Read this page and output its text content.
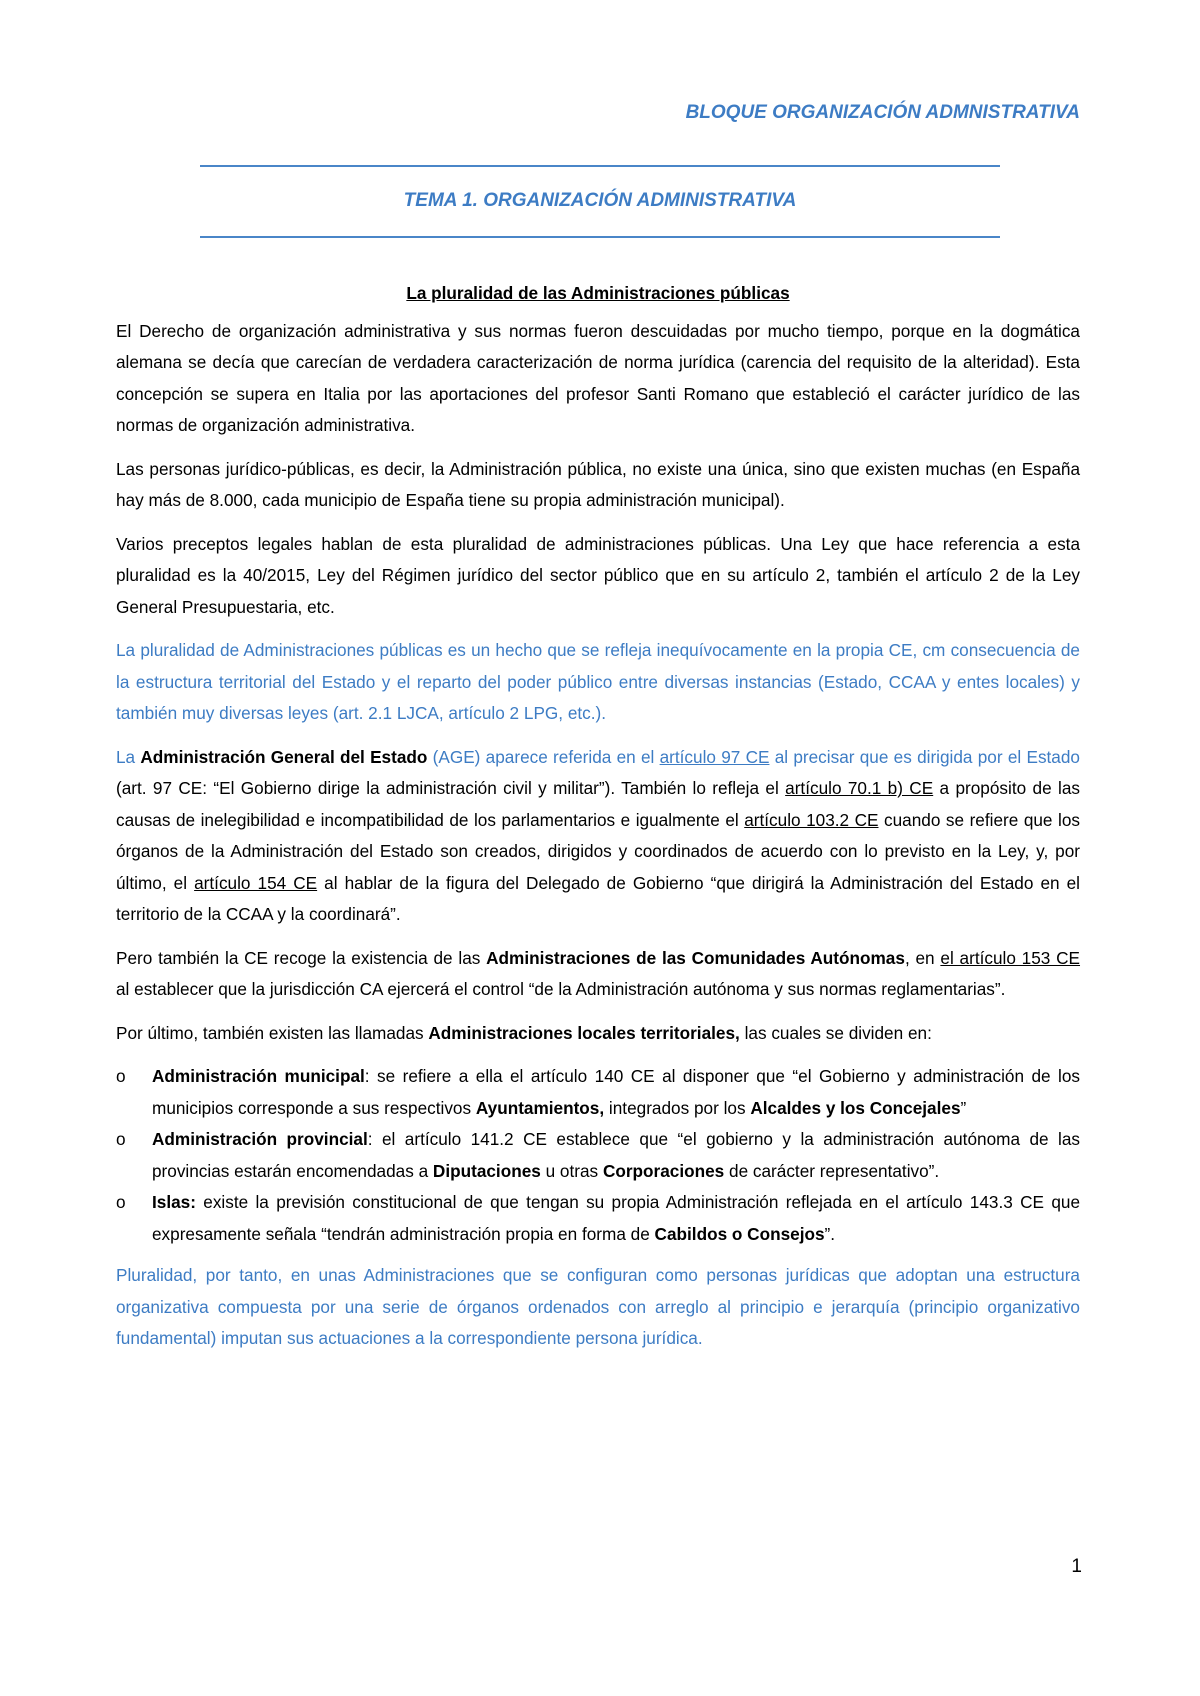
BLOQUE ORGANIZACIÓN ADMNISTRATIVA
TEMA 1. ORGANIZACIÓN ADMINISTRATIVA
La pluralidad de las Administraciones públicas

El Derecho de organización administrativa y sus normas fueron descuidadas por mucho tiempo, porque en la dogmática alemana se decía que carecían de verdadera caracterización de norma jurídica (carencia del requisito de la alteridad). Esta concepción se supera en Italia por las aportaciones del profesor Santi Romano que estableció el carácter jurídico de las normas de organización administrativa.

Las personas jurídico-públicas, es decir, la Administración pública, no existe una única, sino que existen muchas (en España hay más de 8.000, cada municipio de España tiene su propia administración municipal).

Varios preceptos legales hablan de esta pluralidad de administraciones públicas. Una Ley que hace referencia a esta pluralidad es la 40/2015, Ley del Régimen jurídico del sector público que en su artículo 2, también el artículo 2 de la Ley General Presupuestaria, etc.

La pluralidad de Administraciones públicas es un hecho que se refleja inequívocamente en la propia CE, cm consecuencia de la estructura territorial del Estado y el reparto del poder público entre diversas instancias (Estado, CCAA y entes locales) y también muy diversas leyes (art. 2.1 LJCA, artículo 2 LPG, etc.).

La Administración General del Estado (AGE) aparece referida en el artículo 97 CE al precisar que es dirigida por el Estado (art. 97 CE: “El Gobierno dirige la administración civil y militar”). También lo refleja el artículo 70.1 b) CE a propósito de las causas de inelegibilidad e incompatibilidad de los parlamentarios e igualmente el artículo 103.2 CE cuando se refiere que los órganos de la Administración del Estado son creados, dirigidos y coordinados de acuerdo con lo previsto en la Ley, y, por último, el artículo 154 CE al hablar de la figura del Delegado de Gobierno “que dirigirá la Administración del Estado en el territorio de la CCAA y la coordinará”.

Pero también la CE recoge la existencia de las Administraciones de las Comunidades Autónomas, en el artículo 153 CE al establecer que la jurisdicción CA ejercerá el control “de la Administración autónoma y sus normas reglamentarias”.

Por último, también existen las llamadas Administraciones locales territoriales, las cuales se dividen en:

o Administración municipal: se refiere a ella el artículo 140 CE al disponer que “el Gobierno y administración de los municipios corresponde a sus respectivos Ayuntamientos, integrados por los Alcaldes y los Concejales”
o Administración provincial: el artículo 141.2 CE establece que “el gobierno y la administración autónoma de las provincias estarán encomendadas a Diputaciones u otras Corporaciones de carácter representativo”.
o Islas: existe la previsión constitucional de que tengan su propia Administración reflejada en el artículo 143.3 CE que expresamente señala “tendrán administración propia en forma de Cabildos o Consejos”.

Pluralidad, por tanto, en unas Administraciones que se configuran como personas jurídicas que adoptan una estructura organizativa compuesta por una serie de órganos ordenados con arreglo al principio e jerarquía (principio organizativo fundamental) imputan sus actuaciones a la correspondiente persona jurídica.

1
